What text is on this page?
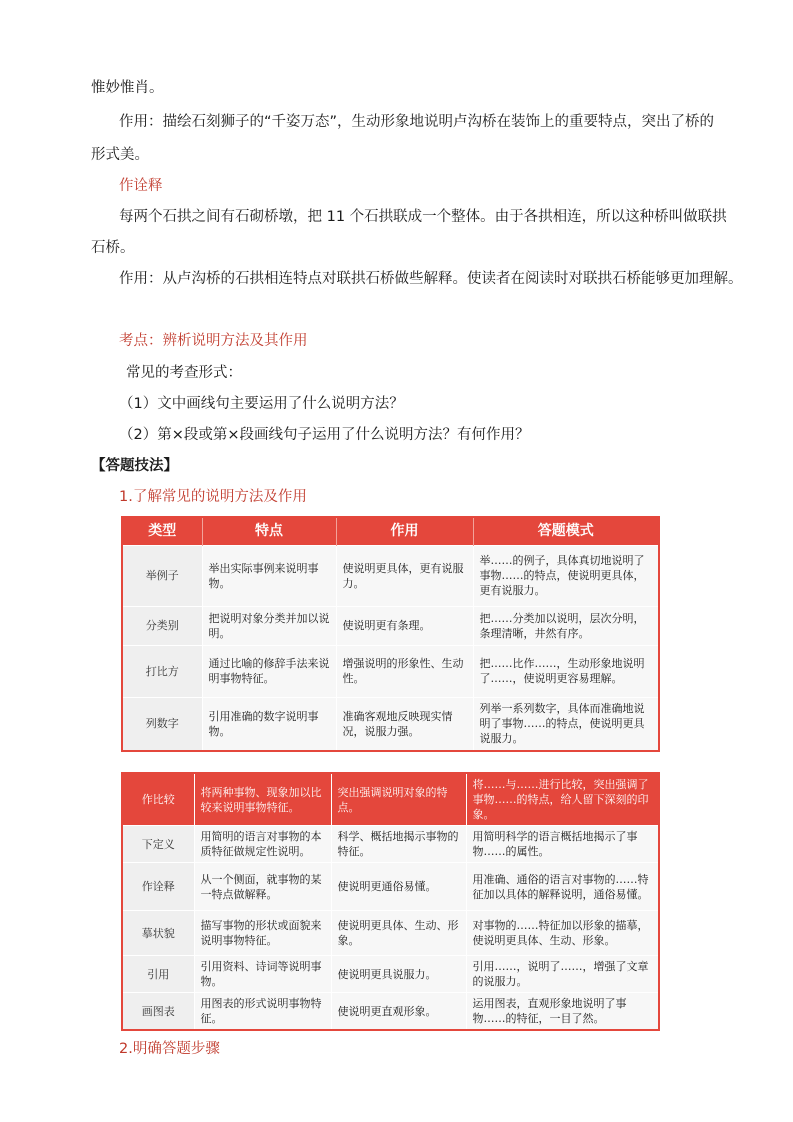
惟妙惟肖。
作用：描绘石刻狮子的“千姿万态”，生动形象地说明卢沟桥在装饰上的重要特点，突出了桥的
形式美。
作诠释
每两个石拱之间有石砌桥墩，把 11 个石拱联成一个整体。由于各拱相连，所以这种桥叫做联拱
石桥。
作用：从卢沟桥的石拱相连特点对联拱石桥做些解释。使读者在阅读时对联拱石桥能够更加理解。
考点：辨析说明方法及其作用
常见的考查形式：
（1）文中画线句主要运用了什么说明方法？
（2）第×段或第×段画线句子运用了什么说明方法？有何作用？
【答题技法】
1.了解常见的说明方法及作用
类型	特点	作用	答题模式
举例子	举出实际事例来说明事物。	使说明更具体，更有说服力。	举……的例子，具体真切地说明了事物……的特点，使说明更具体，更有说服力。
分类别	把说明对象分类并加以说明。	使说明更有条理。	把……分类加以说明，层次分明，条理清晰，井然有序。
打比方	通过比喻的修辞手法来说明事物特征。	增强说明的形象性、生动性。	把……比作……，生动形象地说明了……，使说明更容易理解。
列数字	引用准确的数字说明事物。	准确客观地反映现实情况，说服力强。	列举一系列数字，具体而准确地说明了事物……的特点，使说明更具说服力。
作比较	将两种事物、现象加以比较来说明事物特征。	突出强调说明对象的特点。	将……与……进行比较，突出强调了事物……的特点，给人留下深刻的印象。
下定义	用简明的语言对事物的本质特征做规定性说明。	科学、概括地揭示事物的特征。	用简明科学的语言概括地揭示了事物……的属性。
作诠释	从一个侧面，就事物的某一特点做解释。	使说明更通俗易懂。	用准确、通俗的语言对事物的……特征加以具体的解释说明，通俗易懂。
摹状貌	描写事物的形状或面貌来说明事物特征。	使说明更具体、生动、形象。	对事物的……特征加以形象的描摹，使说明更具体、生动、形象。
引用	引用资料、诗词等说明事物。	使说明更具说服力。	引用……，说明了……，增强了文章的说服力。
画图表	用图表的形式说明事物特征。	使说明更直观形象。	运用图表，直观形象地说明了事物……的特征，一目了然。
2.明确答题步骤
